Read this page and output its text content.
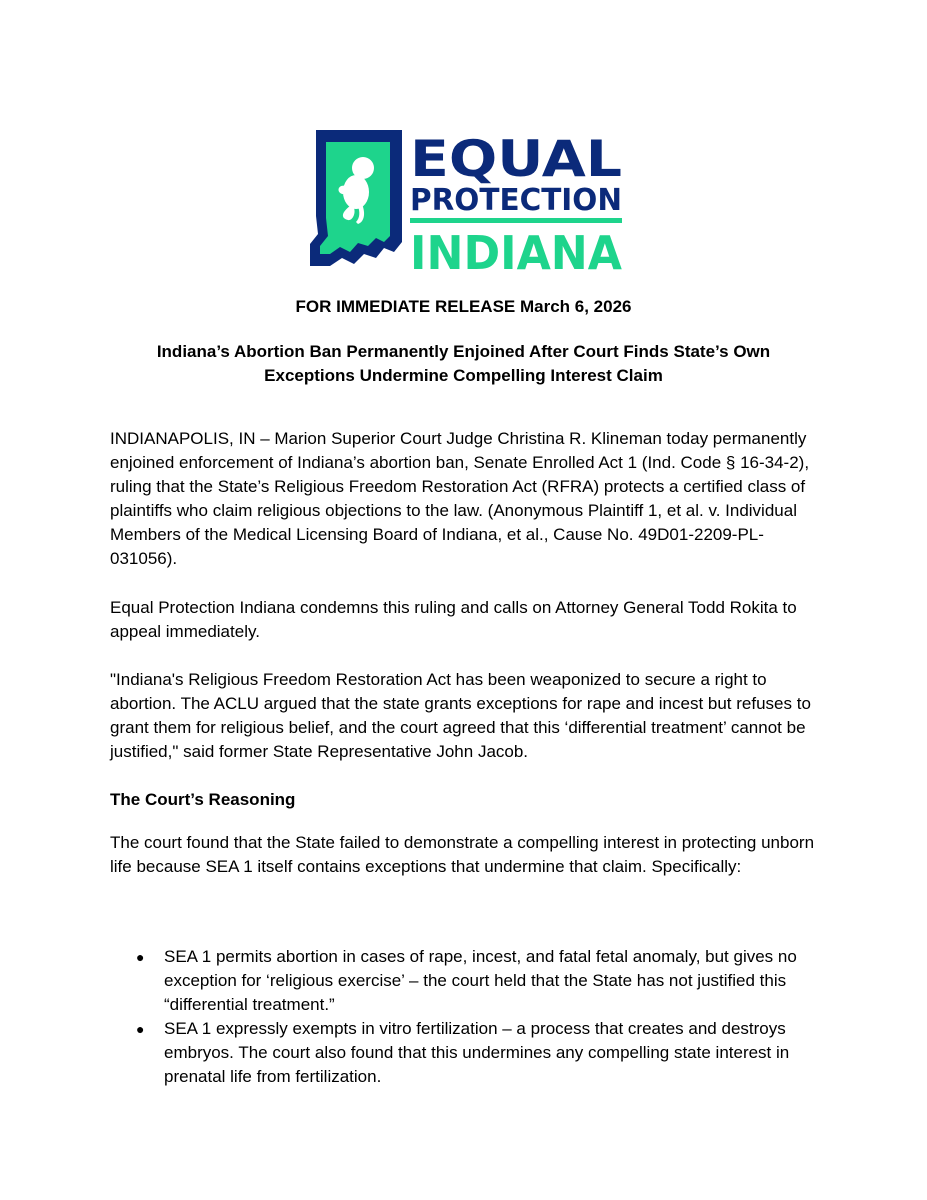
EQUAL
PROTECTION
INDIANA
FOR IMMEDIATE RELEASE March 6, 2026
Indiana’s Abortion Ban Permanently Enjoined After Court Finds State’s Own Exceptions Undermine Compelling Interest Claim

INDIANAPOLIS, IN – Marion Superior Court Judge Christina R. Klineman today permanently enjoined enforcement of Indiana’s abortion ban, Senate Enrolled Act 1 (Ind. Code § 16-34-2), ruling that the State’s Religious Freedom Restoration Act (RFRA) protects a certified class of plaintiffs who claim religious objections to the law. (Anonymous Plaintiff 1, et al. v. Individual Members of the Medical Licensing Board of Indiana, et al., Cause No. 49D01-2209-PL-031056).

Equal Protection Indiana condemns this ruling and calls on Attorney General Todd Rokita to appeal immediately.

"Indiana's Religious Freedom Restoration Act has been weaponized to secure a right to abortion. The ACLU argued that the state grants exceptions for rape and incest but refuses to grant them for religious belief, and the court agreed that this ‘differential treatment’ cannot be justified," said former State Representative John Jacob.

The Court’s Reasoning

The court found that the State failed to demonstrate a compelling interest in protecting unborn life because SEA 1 itself contains exceptions that undermine that claim. Specifically:

● SEA 1 permits abortion in cases of rape, incest, and fatal fetal anomaly, but gives no exception for ‘religious exercise’ – the court held that the State has not justified this “differential treatment.”
● SEA 1 expressly exempts in vitro fertilization – a process that creates and destroys embryos. The court also found that this undermines any compelling state interest in prenatal life from fertilization.
